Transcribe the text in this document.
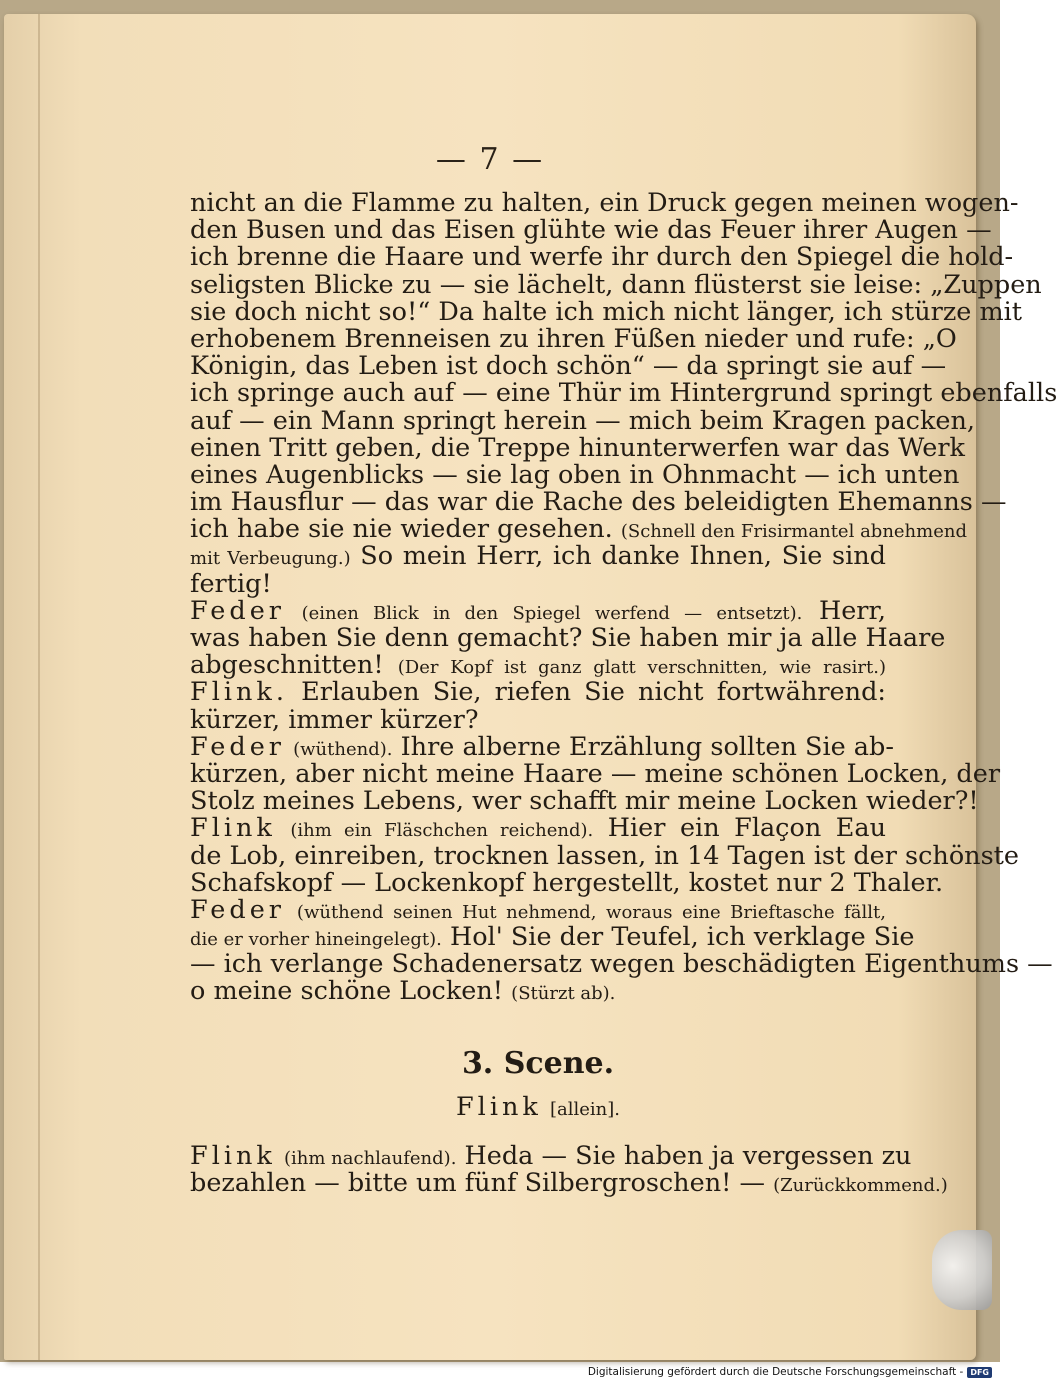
— 7 —
nicht an die Flamme zu halten, ein Druck gegen meinen wogen-
den Busen und das Eisen glühte wie das Feuer ihrer Augen —
ich brenne die Haare und werfe ihr durch den Spiegel die hold-
seligsten Blicke zu — sie lächelt, dann flüsterst sie leise: „Zuppen
sie doch nicht so!“ Da halte ich mich nicht länger, ich stürze mit
erhobenem Brenneisen zu ihren Füßen nieder und rufe: „O
Königin, das Leben ist doch schön“ — da springt sie auf —
ich springe auch auf — eine Thür im Hintergrund springt ebenfalls
auf — ein Mann springt herein — mich beim Kragen packen,
einen Tritt geben, die Treppe hinunterwerfen war das Werk
eines Augenblicks — sie lag oben in Ohnmacht — ich unten
im Hausflur — das war die Rache des beleidigten Ehemanns —
ich habe sie nie wieder gesehen. (Schnell den Frisirmantel abnehmend
mit Verbeugung.) So mein Herr, ich danke Ihnen, Sie sind
fertig!
Feder (einen Blick in den Spiegel werfend — entsetzt). Herr,
was haben Sie denn gemacht? Sie haben mir ja alle Haare
abgeschnitten! (Der Kopf ist ganz glatt verschnitten, wie rasirt.)
Flink. Erlauben Sie, riefen Sie nicht fortwährend:
kürzer, immer kürzer?
Feder (wüthend). Ihre alberne Erzählung sollten Sie ab-
kürzen, aber nicht meine Haare — meine schönen Locken, der
Stolz meines Lebens, wer schafft mir meine Locken wieder?!
Flink (ihm ein Fläschchen reichend). Hier ein Flaçon Eau
de Lob, einreiben, trocknen lassen, in 14 Tagen ist der schönste
Schafskopf — Lockenkopf hergestellt, kostet nur 2 Thaler.
Feder (wüthend seinen Hut nehmend, woraus eine Brieftasche fällt,
die er vorher hineingelegt). Hol' Sie der Teufel, ich verklage Sie
— ich verlange Schadenersatz wegen beschädigten Eigenthums —
o meine schöne Locken! (Stürzt ab).
3. Scene.
Flink [allein].
Flink (ihm nachlaufend). Heda — Sie haben ja vergessen zu
bezahlen — bitte um fünf Silbergroschen! — (Zurückkommend.)
Digitalisierung gefördert durch die Deutsche Forschungsgemeinschaft - DFG
